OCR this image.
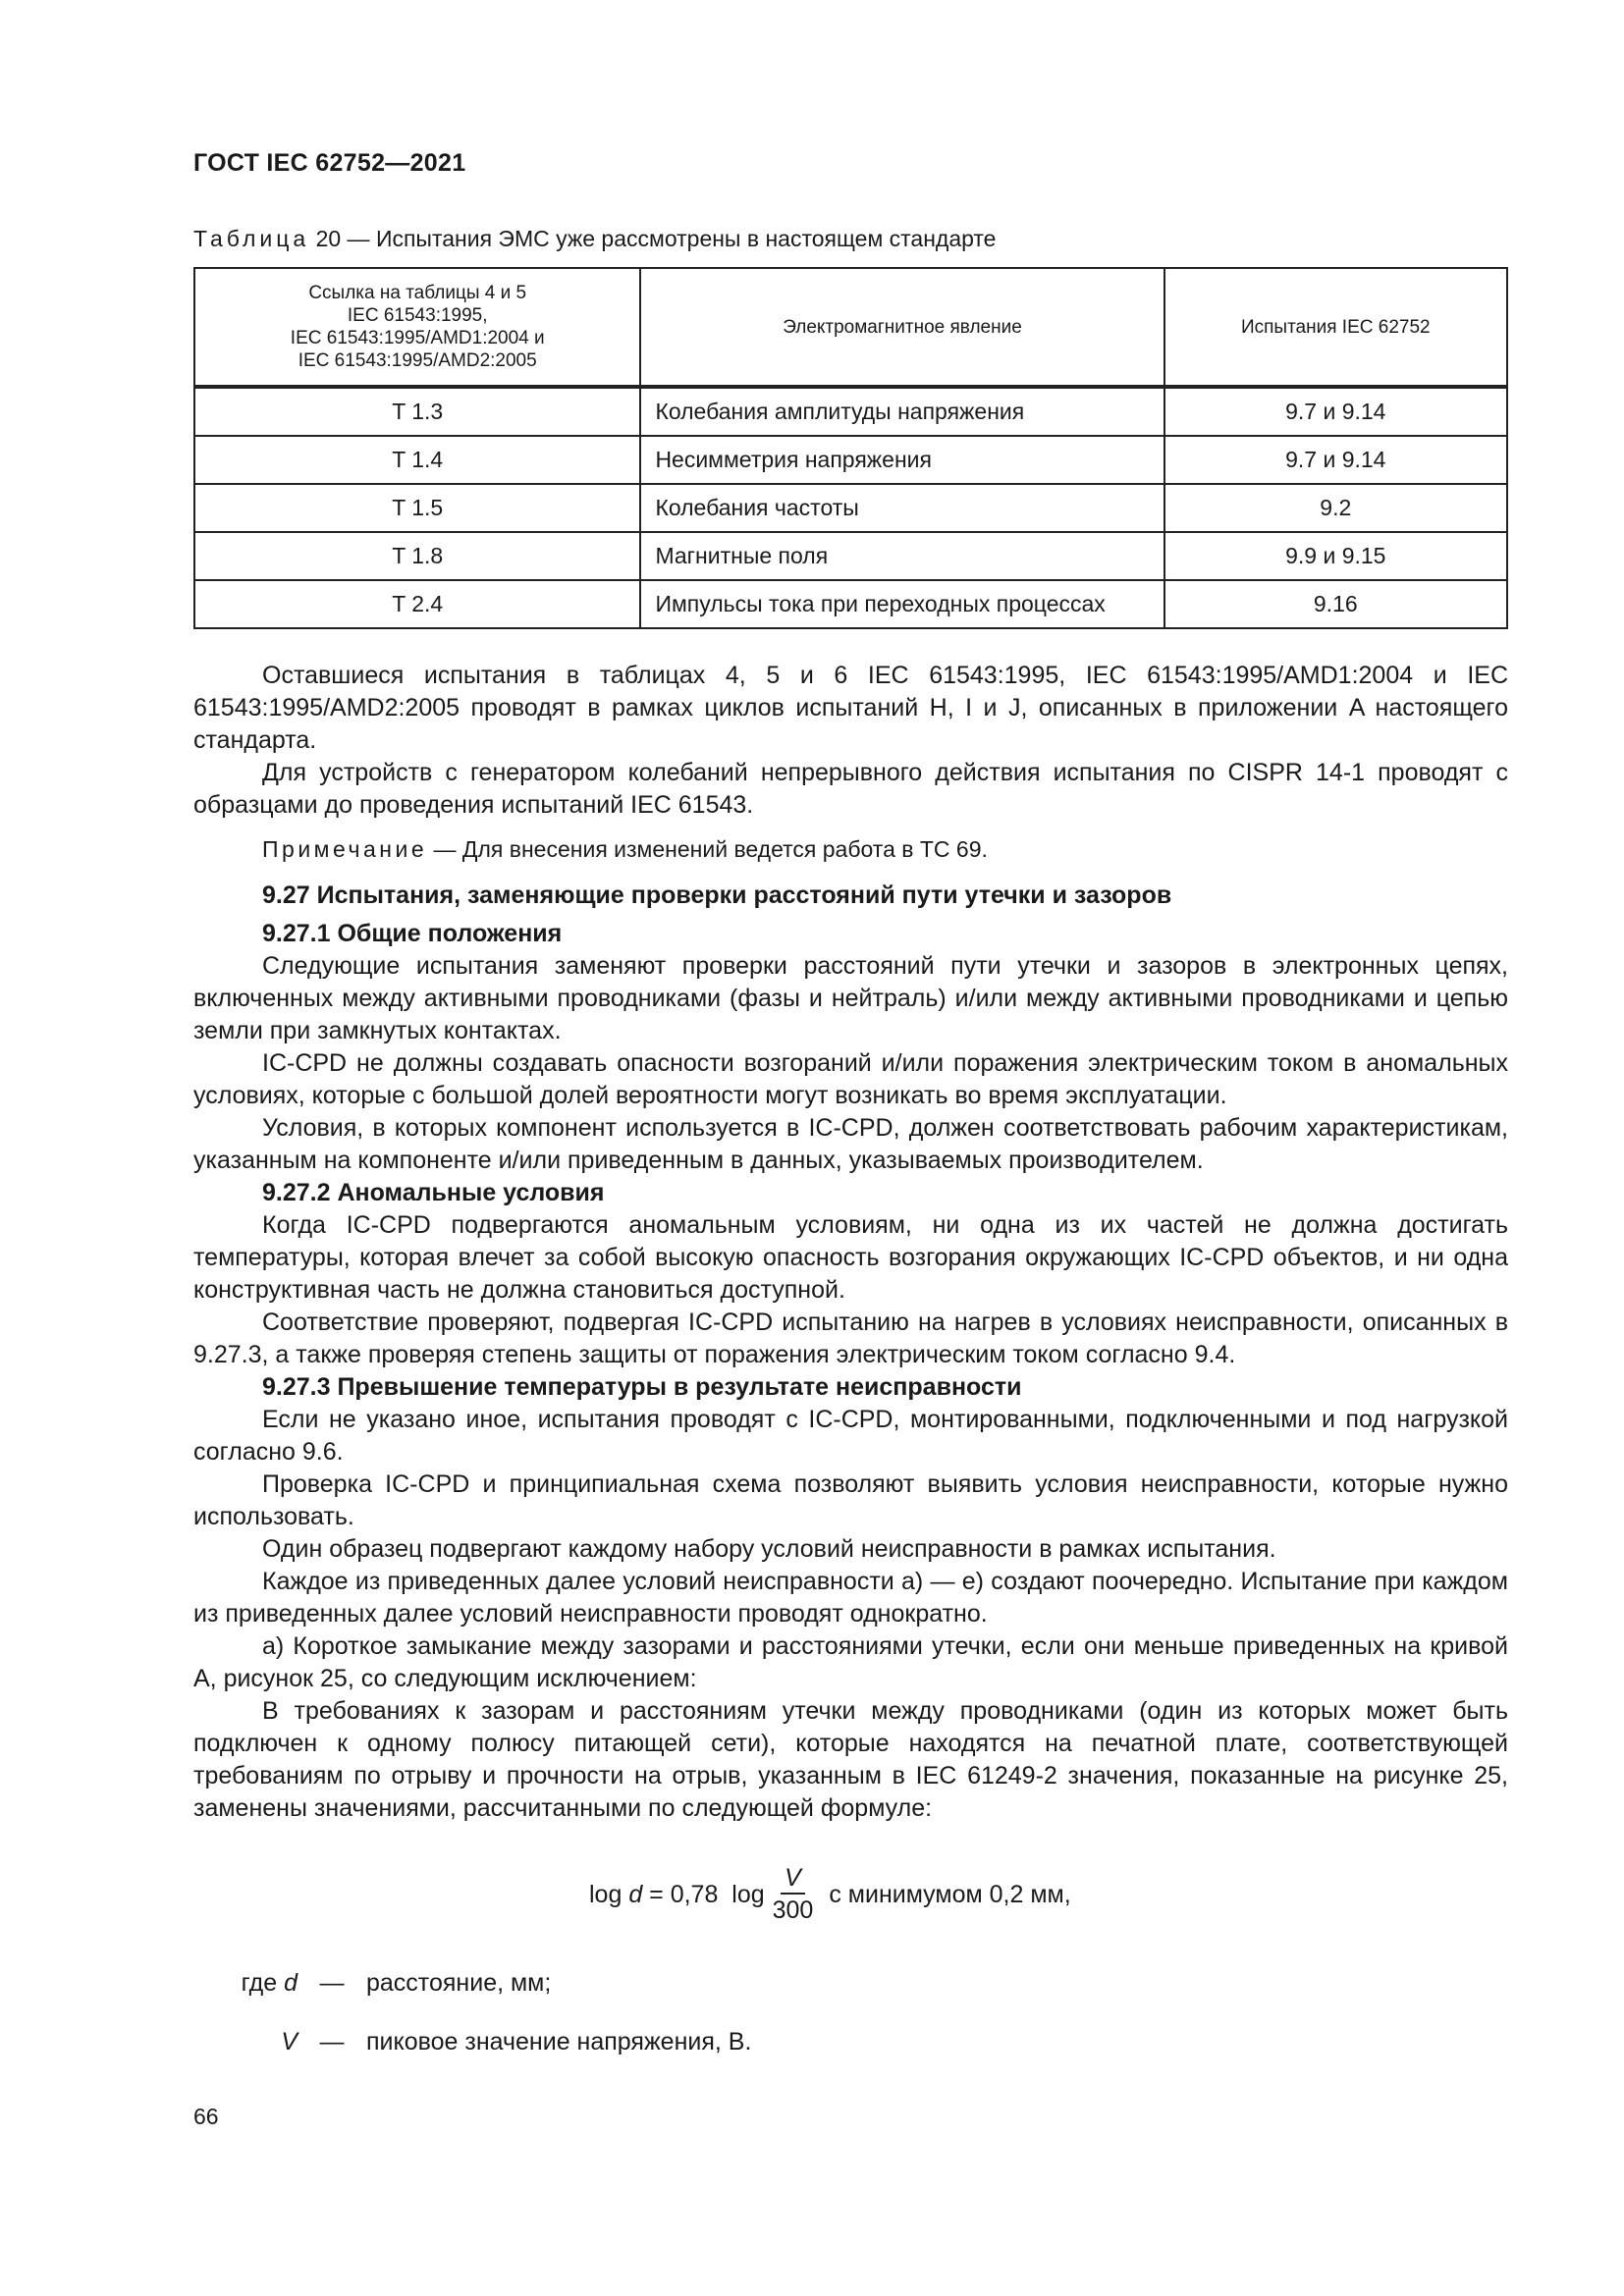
ГОСТ IEC 62752—2021
Таблица 20 — Испытания ЭМС уже рассмотрены в настоящем стандарте
Ссылка на таблицы 4 и 5
IEC 61543:1995,
IEC 61543:1995/AMD1:2004 и
IEC 61543:1995/AMD2:2005	Электромагнитное явление	Испытания IEC 62752

T 1.3	Колебания амплитуды напряжения	9.7 и 9.14
T 1.4	Несимметрия напряжения	9.7 и 9.14
T 1.5	Колебания частоты	9.2
T 1.8	Магнитные поля	9.9 и 9.15
T 2.4	Импульсы тока при переходных процессах	9.16

Оставшиеся испытания в таблицах 4, 5 и 6 IEC 61543:1995, IEC 61543:1995/AMD1:2004 и IEC 61543:1995/AMD2:2005 проводят в рамках циклов испытаний H, I и J, описанных в приложении A настоящего стандарта.

Для устройств с генератором колебаний непрерывного действия испытания по CISPR 14-1 проводят с образцами до проведения испытаний IEC 61543.

Примечание — Для внесения изменений ведется работа в ТС 69.

9.27 Испытания, заменяющие проверки расстояний пути утечки и зазоров
9.27.1 Общие положения

Следующие испытания заменяют проверки расстояний пути утечки и зазоров в электронных цепях, включенных между активными проводниками (фазы и нейтраль) и/или между активными проводниками и цепью земли при замкнутых контактах.

IC-CPD не должны создавать опасности возгораний и/или поражения электрическим током в аномальных условиях, которые с большой долей вероятности могут возникать во время эксплуатации.

Условия, в которых компонент используется в IC-CPD, должен соответствовать рабочим характеристикам, указанным на компоненте и/или приведенным в данных, указываемых производителем.

9.27.2 Аномальные условия

Когда IC-CPD подвергаются аномальным условиям, ни одна из их частей не должна достигать температуры, которая влечет за собой высокую опасность возгорания окружающих IC-CPD объектов, и ни одна конструктивная часть не должна становиться доступной.

Соответствие проверяют, подвергая IC-CPD испытанию на нагрев в условиях неисправности, описанных в 9.27.3, а также проверяя степень защиты от поражения электрическим током согласно 9.4.

9.27.3 Превышение температуры в результате неисправности

Если не указано иное, испытания проводят с IC-CPD, монтированными, подключенными и под нагрузкой согласно 9.6.

Проверка IC-CPD и принципиальная схема позволяют выявить условия неисправности, которые нужно использовать.

Один образец подвергают каждому набору условий неисправности в рамках испытания.

Каждое из приведенных далее условий неисправности а) — е) создают поочередно. Испытание при каждом из приведенных далее условий неисправности проводят однократно.

а) Короткое замыкание между зазорами и расстояниями утечки, если они меньше приведенных на кривой А, рисунок 25, со следующим исключением:

В требованиях к зазорам и расстояниям утечки между проводниками (один из которых может быть подключен к одному полюсу питающей сети), которые находятся на печатной плате, соответствующей требованиям по отрыву и прочности на отрыв, указанным в IEC 61249-2 значения, показанные на рисунке 25, заменены значениями, рассчитанными по следующей формуле:

log d = 0,78  $\log \frac{V}{300}$ с минимумом 0,2 мм,
где d — расстояние, мм;
V — пиковое значение напряжения, В.
66
